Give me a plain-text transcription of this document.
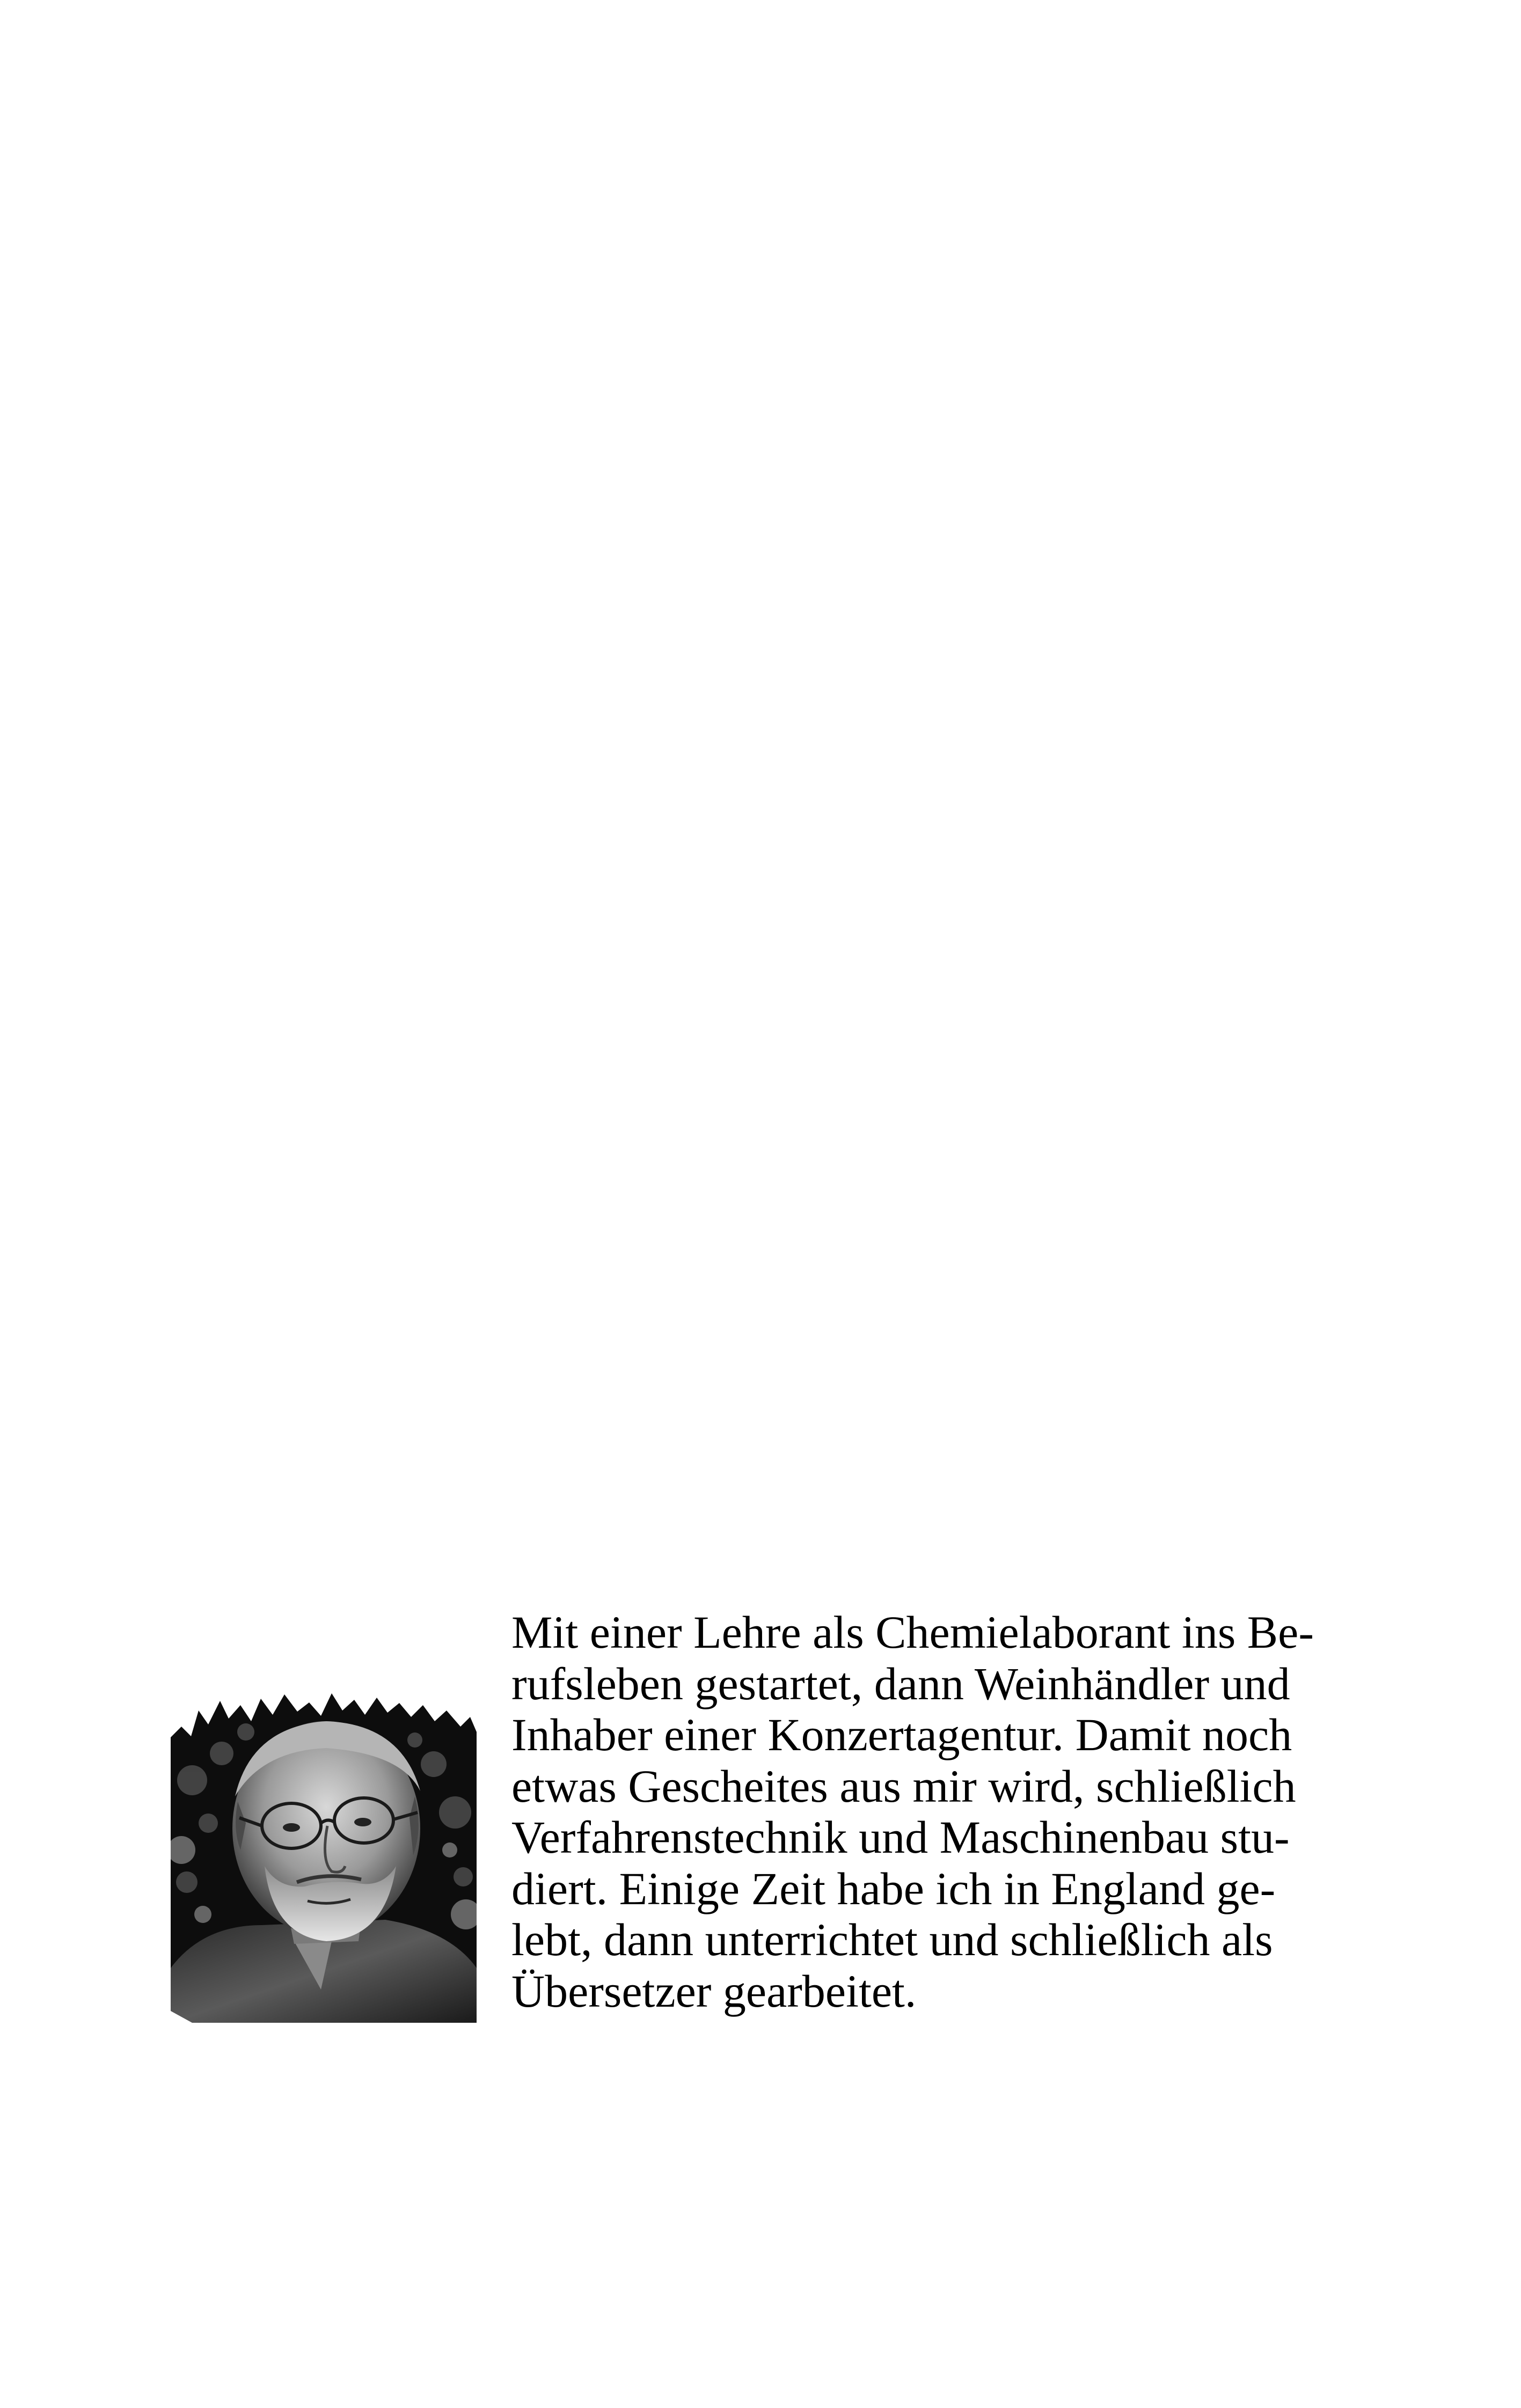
Mit einer Lehre als Chemielaborant ins Be-
rufsleben gestartet, dann Weinhändler und
Inhaber einer Konzertagentur. Damit noch
etwas Gescheites aus mir wird, schließlich
Verfahrenstechnik und Maschinenbau stu-
diert. Einige Zeit habe ich in England ge-
lebt, dann unterrichtet und schließlich als
Übersetzer gearbeitet.
